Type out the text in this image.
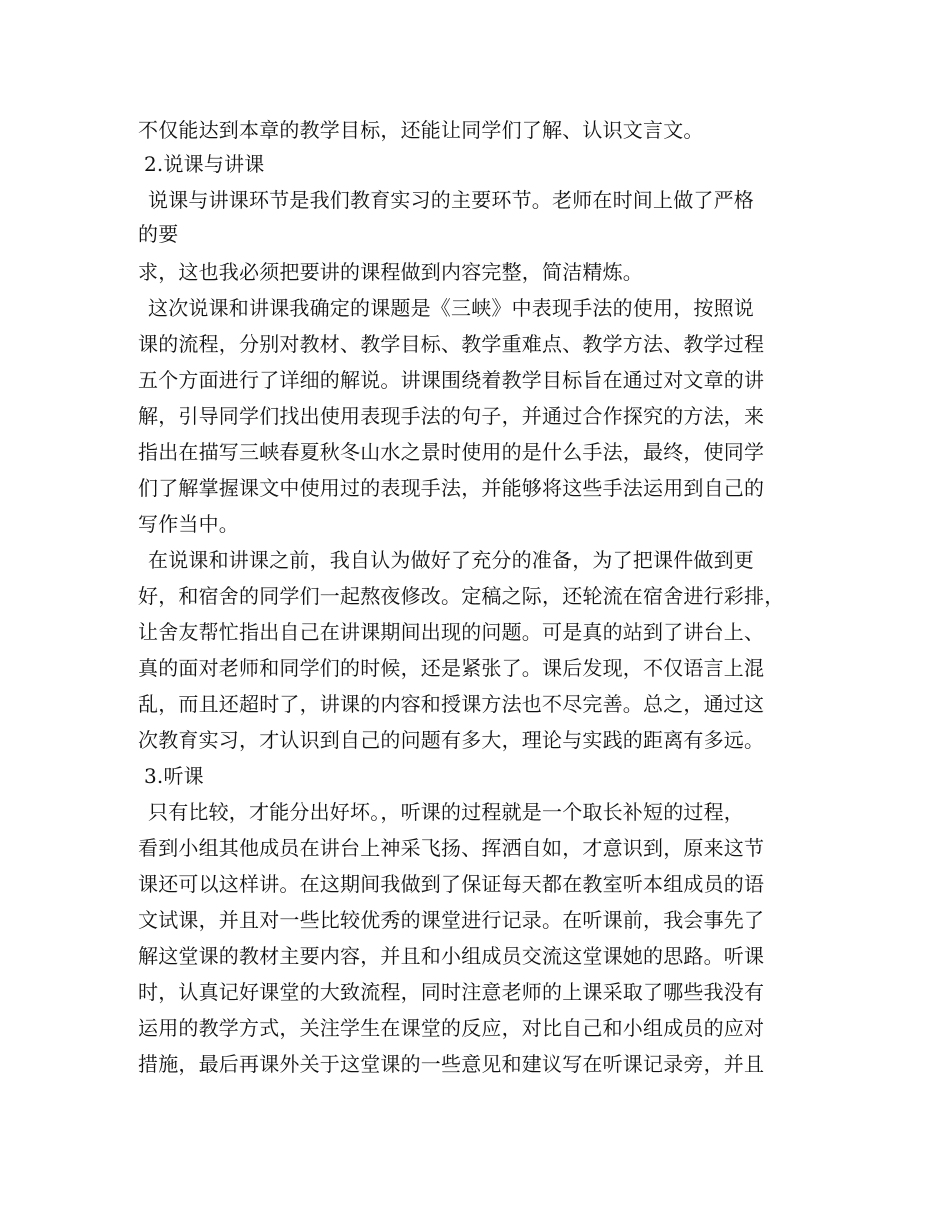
不仅能达到本章的教学目标，还能让同学们了解、认识文言文。
2.说课与讲课
说课与讲课环节是我们教育实习的主要环节。老师在时间上做了严格
的要
求，这也我必须把要讲的课程做到内容完整，简洁精炼。
这次说课和讲课我确定的课题是《三峡》中表现手法的使用，按照说
课的流程，分别对教材、教学目标、教学重难点、教学方法、教学过程
五个方面进行了详细的解说。讲课围绕着教学目标旨在通过对文章的讲
解，引导同学们找出使用表现手法的句子，并通过合作探究的方法，来
指出在描写三峡春夏秋冬山水之景时使用的是什么手法，最终，使同学
们了解掌握课文中使用过的表现手法，并能够将这些手法运用到自己的
写作当中。
在说课和讲课之前，我自认为做好了充分的准备，为了把课件做到更
好，和宿舍的同学们一起熬夜修改。定稿之际，还轮流在宿舍进行彩排，
让舍友帮忙指出自己在讲课期间出现的问题。可是真的站到了讲台上、
真的面对老师和同学们的时候，还是紧张了。课后发现，不仅语言上混
乱，而且还超时了，讲课的内容和授课方法也不尽完善。总之，通过这
次教育实习，才认识到自己的问题有多大，理论与实践的距离有多远。
3.听课
只有比较，才能分出好坏。，听课的过程就是一个取长补短的过程，
看到小组其他成员在讲台上神采飞扬、挥洒自如，才意识到，原来这节
课还可以这样讲。在这期间我做到了保证每天都在教室听本组成员的语
文试课，并且对一些比较优秀的课堂进行记录。在听课前，我会事先了
解这堂课的教材主要内容，并且和小组成员交流这堂课她的思路。听课
时，认真记好课堂的大致流程，同时注意老师的上课采取了哪些我没有
运用的教学方式，关注学生在课堂的反应，对比自己和小组成员的应对
措施，最后再课外关于这堂课的一些意见和建议写在听课记录旁，并且
